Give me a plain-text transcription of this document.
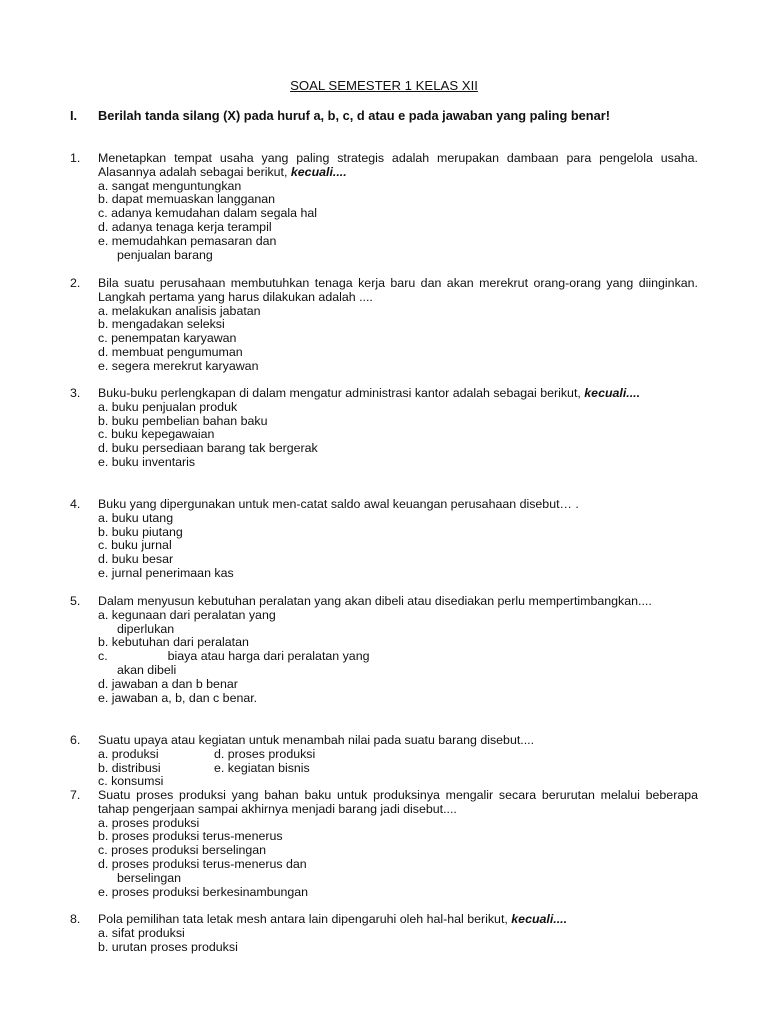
SOAL SEMESTER 1 KELAS XII
I.	Berilah tanda silang (X) pada huruf a, b, c, d atau e pada jawaban yang paling benar!
1.	Menetapkan tempat usaha yang paling strategis adalah merupakan dambaan para pengelola usaha. Alasannya adalah sebagai berikut, kecuali....
a. sangat menguntungkan
b. dapat memuaskan langganan
c. adanya kemudahan dalam segala hal
d. adanya tenaga kerja terampil
e. memudahkan pemasaran dan
penjualan barang
2.	Bila suatu perusahaan membutuhkan tenaga kerja baru dan akan merekrut orang-orang yang diinginkan. Langkah pertama yang harus dilakukan adalah ....
a. melakukan analisis jabatan
b. mengadakan seleksi
c. penempatan karyawan
d. membuat pengumuman
e. segera merekrut karyawan
3.	Buku-buku perlengkapan di dalam mengatur administrasi kantor adalah sebagai berikut, kecuali....
a. buku penjualan produk
b. buku pembelian bahan baku
c. buku kepegawaian
d. buku persediaan barang tak bergerak
e. buku inventaris
4.	Buku yang dipergunakan untuk men-catat saldo awal keuangan perusahaan disebut… .
a. buku utang
b. buku piutang
c. buku jurnal
d. buku besar
e. jurnal penerimaan kas
5.	Dalam menyusun kebutuhan peralatan yang akan dibeli atau disediakan perlu mempertimbangkan....
a. kegunaan dari peralatan yang
diperlukan
b. kebutuhan dari peralatan
c.	biaya atau harga dari peralatan yang
akan dibeli
d. jawaban a dan b benar
e. jawaban a, b, dan c benar.
6.	Suatu upaya atau kegiatan untuk menambah nilai pada suatu barang disebut....
a. produksi	d. proses produksi
b. distribusi	e. kegiatan bisnis
c. konsumsi
7.	Suatu proses produksi yang bahan baku untuk produksinya mengalir secara berurutan melalui beberapa tahap pengerjaan sampai akhirnya menjadi barang jadi disebut....
a. proses produksi
b. proses produksi terus-menerus
c. proses produksi berselingan
d. proses produksi terus-menerus dan
berselingan
e. proses produksi berkesinambungan
8.	Pola pemilihan tata letak mesh antara lain dipengaruhi oleh hal-hal berikut, kecuali....
a. sifat produksi
b. urutan proses produksi
